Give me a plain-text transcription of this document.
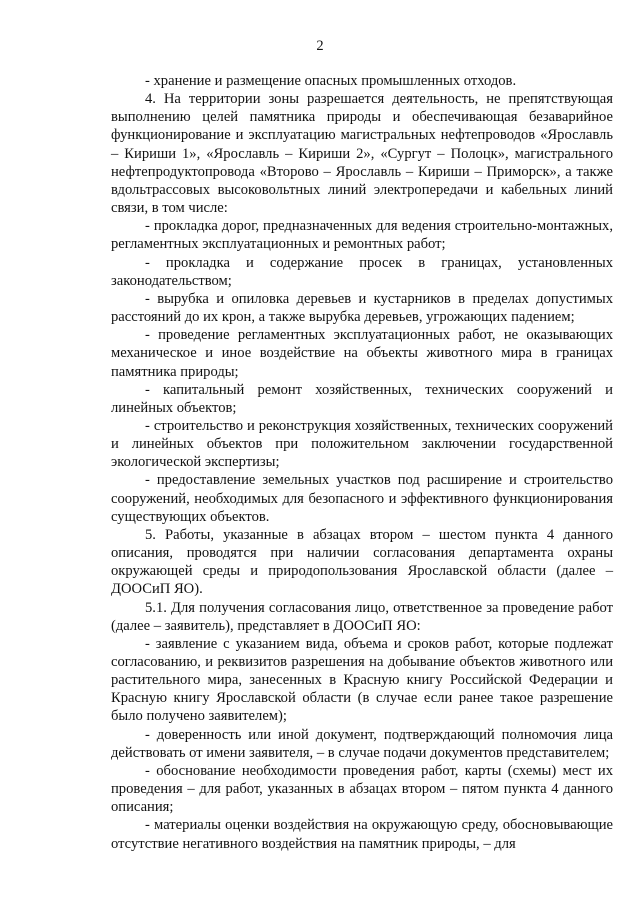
2

- хранение и размещение опасных промышленных отходов.

4. На территории зоны разрешается деятельность, не препятствующая выполнению целей памятника природы и обеспечивающая безаварийное функционирование и эксплуатацию магистральных нефтепроводов «Ярославль – Кириши 1», «Ярославль – Кириши 2», «Сургут – Полоцк», магистрального нефтепродуктопровода «Второво – Ярославль – Кириши – Приморск», а также вдольтрассовых высоковольтных линий электропередачи и кабельных линий связи, в том числе:

- прокладка дорог, предназначенных для ведения строительно-монтажных, регламентных эксплуатационных и ремонтных работ;

- прокладка и содержание просек в границах, установленных законодательством;

- вырубка и опиловка деревьев и кустарников в пределах допустимых расстояний до их крон, а также вырубка деревьев, угрожающих падением;

- проведение регламентных эксплуатационных работ, не оказывающих механическое и иное воздействие на объекты животного мира в границах памятника природы;

- капитальный ремонт хозяйственных, технических сооружений и линейных объектов;

- строительство и реконструкция хозяйственных, технических сооружений и линейных объектов при положительном заключении государственной экологической экспертизы;

- предоставление земельных участков под расширение и строительство сооружений, необходимых для безопасного и эффективного функционирования существующих объектов.

5. Работы, указанные в абзацах втором – шестом пункта 4 данного описания, проводятся при наличии согласования департамента охраны окружающей среды и природопользования Ярославской области (далее – ДООСиП ЯО).

5.1. Для получения согласования лицо, ответственное за проведение работ (далее – заявитель), представляет в ДООСиП ЯО:

- заявление с указанием вида, объема и сроков работ, которые подлежат согласованию, и реквизитов разрешения на добывание объектов животного или растительного мира, занесенных в Красную книгу Российской Федерации и Красную книгу Ярославской области (в случае если ранее такое разрешение было получено заявителем);

- доверенность или иной документ, подтверждающий полномочия лица действовать от имени заявителя, – в случае подачи документов представителем;

- обоснование необходимости проведения работ, карты (схемы) мест их проведения – для работ, указанных в абзацах втором – пятом пункта 4 данного описания;

- материалы оценки воздействия на окружающую среду, обосновывающие отсутствие негативного воздействия на памятник природы, – для
